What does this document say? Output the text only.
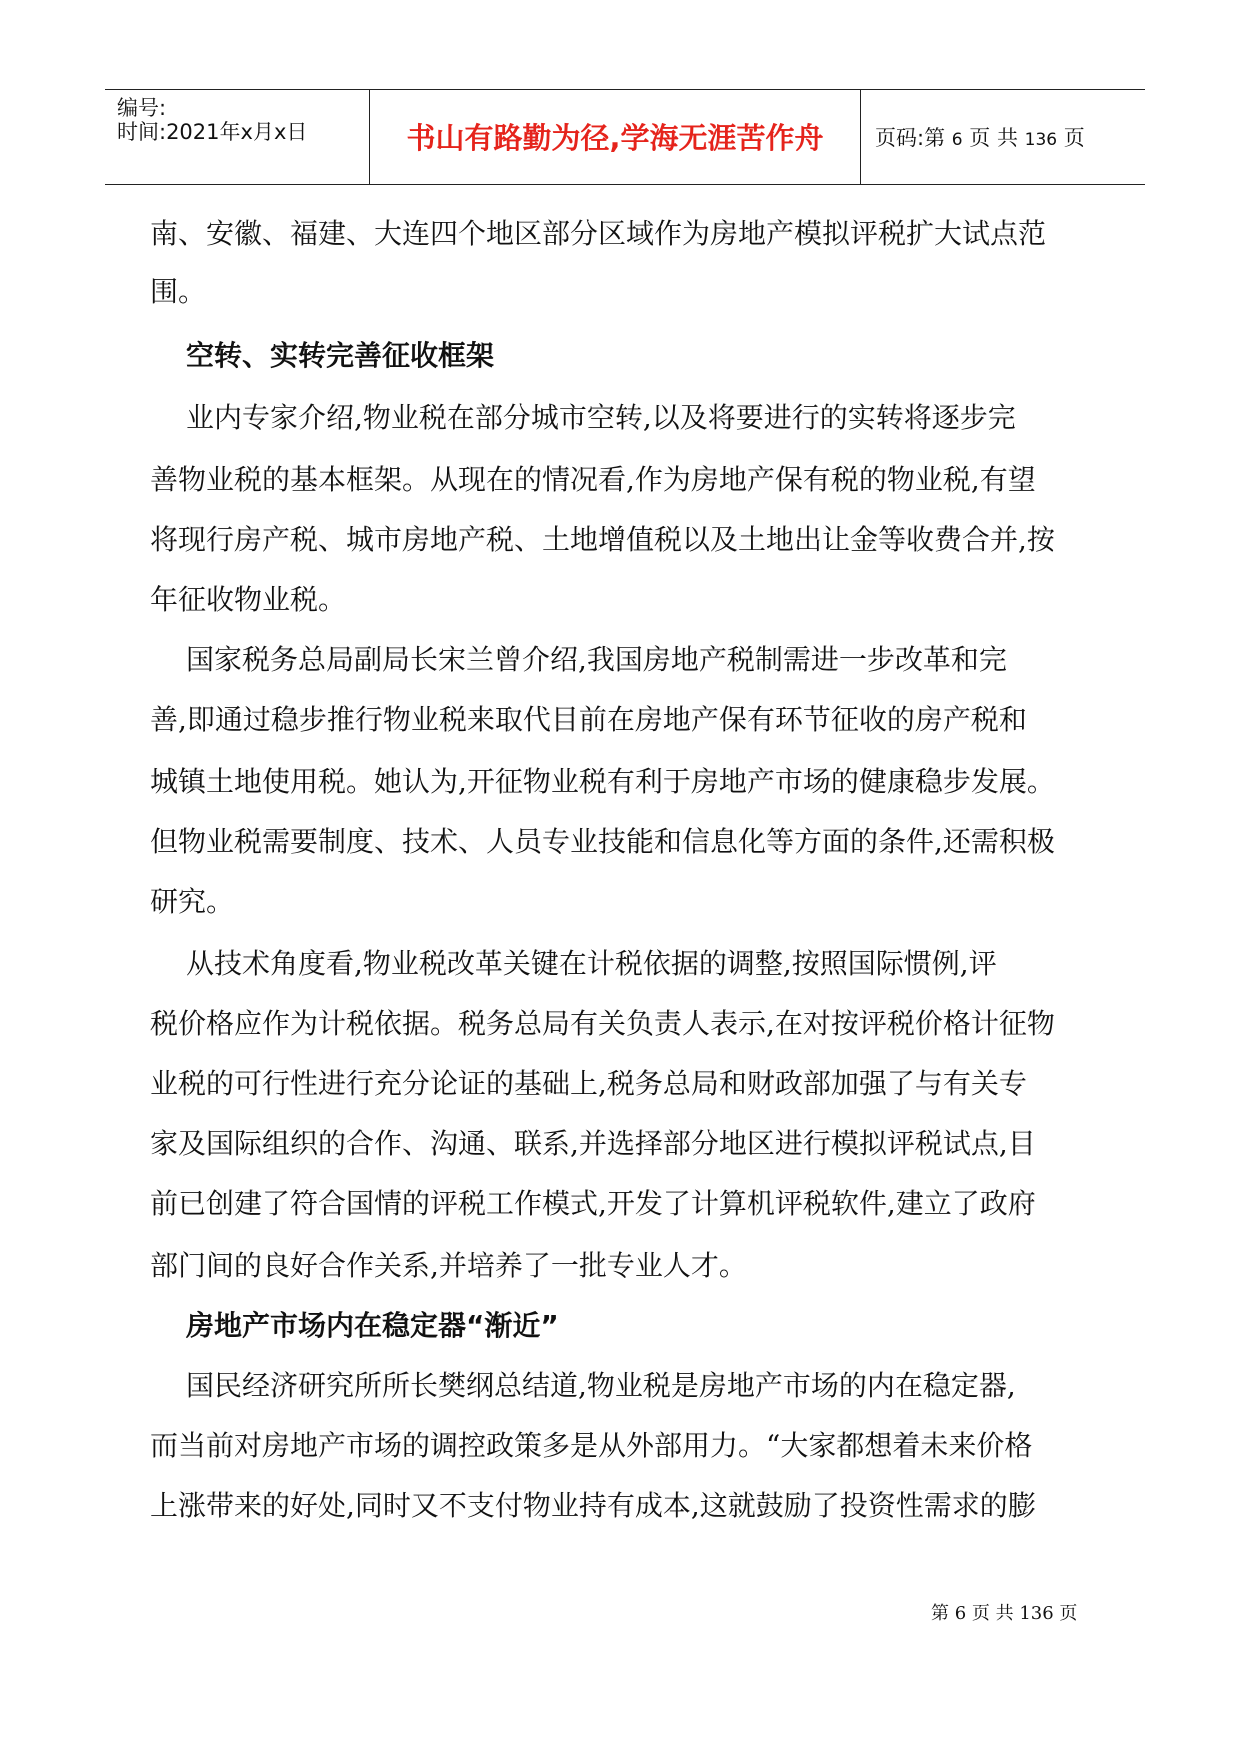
编号:
时间:2021年x月x日	书山有路勤为径,学海无涯苦作舟	页码:第 6 页 共 136 页
南、安徽、福建、大连四个地区部分区域作为房地产模拟评税扩大试点范
围。
空转、实转完善征收框架
业内专家介绍,物业税在部分城市空转,以及将要进行的实转将逐步完
善物业税的基本框架。从现在的情况看,作为房地产保有税的物业税,有望
将现行房产税、城市房地产税、土地增值税以及土地出让金等收费合并,按
年征收物业税。
国家税务总局副局长宋兰曾介绍,我国房地产税制需进一步改革和完
善,即通过稳步推行物业税来取代目前在房地产保有环节征收的房产税和
城镇土地使用税。她认为,开征物业税有利于房地产市场的健康稳步发展。
但物业税需要制度、技术、人员专业技能和信息化等方面的条件,还需积极
研究。
从技术角度看,物业税改革关键在计税依据的调整,按照国际惯例,评
税价格应作为计税依据。税务总局有关负责人表示,在对按评税价格计征物
业税的可行性进行充分论证的基础上,税务总局和财政部加强了与有关专
家及国际组织的合作、沟通、联系,并选择部分地区进行模拟评税试点,目
前已创建了符合国情的评税工作模式,开发了计算机评税软件,建立了政府
部门间的良好合作关系,并培养了一批专业人才。
房地产市场内在稳定器“渐近”
国民经济研究所所长樊纲总结道,物业税是房地产市场的内在稳定器,
而当前对房地产市场的调控政策多是从外部用力。“大家都想着未来价格
上涨带来的好处,同时又不支付物业持有成本,这就鼓励了投资性需求的膨
第 6 页 共 136 页
